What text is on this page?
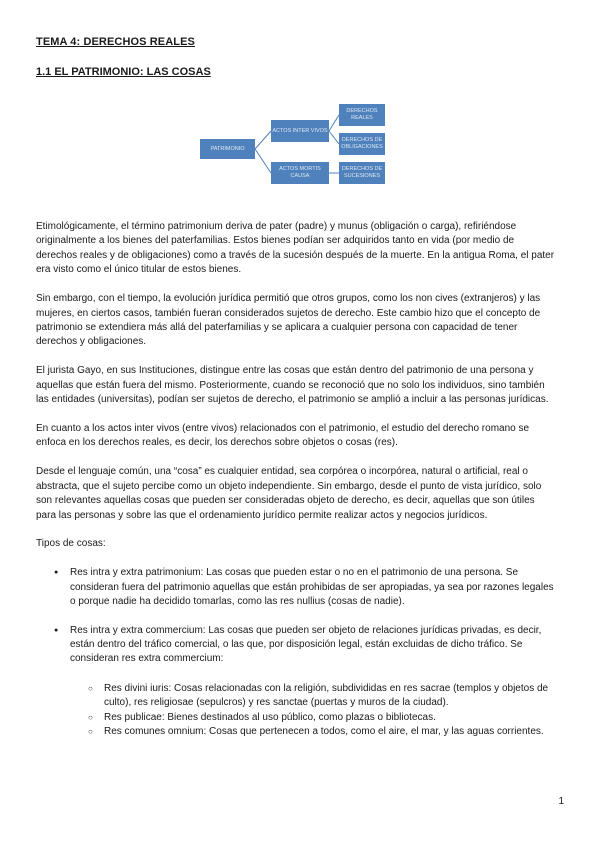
TEMA 4: DERECHOS REALES
1.1 EL PATRIMONIO: LAS COSAS
PATRIMONIO
ACTOS INTER VIVOS
ACTOS MORTIS CAUSA
DERECHOS REALES
DERECHOS DE OBLIGACIONES
DERECHOS DE SUCESIONES

Etimológicamente, el término patrimonium deriva de pater (padre) y munus (obligación o carga), refiriéndose originalmente a los bienes del paterfamilias. Estos bienes podían ser adquiridos tanto en vida (por medio de derechos reales y de obligaciones) como a través de la sucesión después de la muerte. En la antigua Roma, el pater era visto como el único titular de estos bienes.

Sin embargo, con el tiempo, la evolución jurídica permitió que otros grupos, como los non cives (extranjeros) y las mujeres, en ciertos casos, también fueran considerados sujetos de derecho. Este cambio hizo que el concepto de patrimonio se extendiera más allá del paterfamilias y se aplicara a cualquier persona con capacidad de tener derechos y obligaciones.

El jurista Gayo, en sus Instituciones, distingue entre las cosas que están dentro del patrimonio de una persona y aquellas que están fuera del mismo. Posteriormente, cuando se reconoció que no solo los individuos, sino también las entidades (universitas), podían ser sujetos de derecho, el patrimonio se amplió a incluir a las personas jurídicas.

En cuanto a los actos inter vivos (entre vivos) relacionados con el patrimonio, el estudio del derecho romano se enfoca en los derechos reales, es decir, los derechos sobre objetos o cosas (res).

Desde el lenguaje común, una “cosa” es cualquier entidad, sea corpórea o incorpórea, natural o artificial, real o abstracta, que el sujeto percibe como un objeto independiente. Sin embargo, desde el punto de vista jurídico, solo son relevantes aquellas cosas que pueden ser consideradas objeto de derecho, es decir, aquellas que son útiles para las personas y sobre las que el ordenamiento jurídico permite realizar actos y negocios jurídicos.

Tipos de cosas:

● Res intra y extra patrimonium: Las cosas que pueden estar o no en el patrimonio de una persona. Se consideran fuera del patrimonio aquellas que están prohibidas de ser apropiadas, ya sea por razones legales o porque nadie ha decidido tomarlas, como las res nullius (cosas de nadie).
● Res intra y extra commercium: Las cosas que pueden ser objeto de relaciones jurídicas privadas, es decir, están dentro del tráfico comercial, o las que, por disposición legal, están excluidas de dicho tráfico. Se consideran res extra commercium:
○ Res divini iuris: Cosas relacionadas con la religión, subdivididas en res sacrae (templos y objetos de culto), res religiosae (sepulcros) y res sanctae (puertas y muros de la ciudad).
○ Res publicae: Bienes destinados al uso público, como plazas o bibliotecas.
○ Res comunes omnium: Cosas que pertenecen a todos, como el aire, el mar, y las aguas corrientes.
1
